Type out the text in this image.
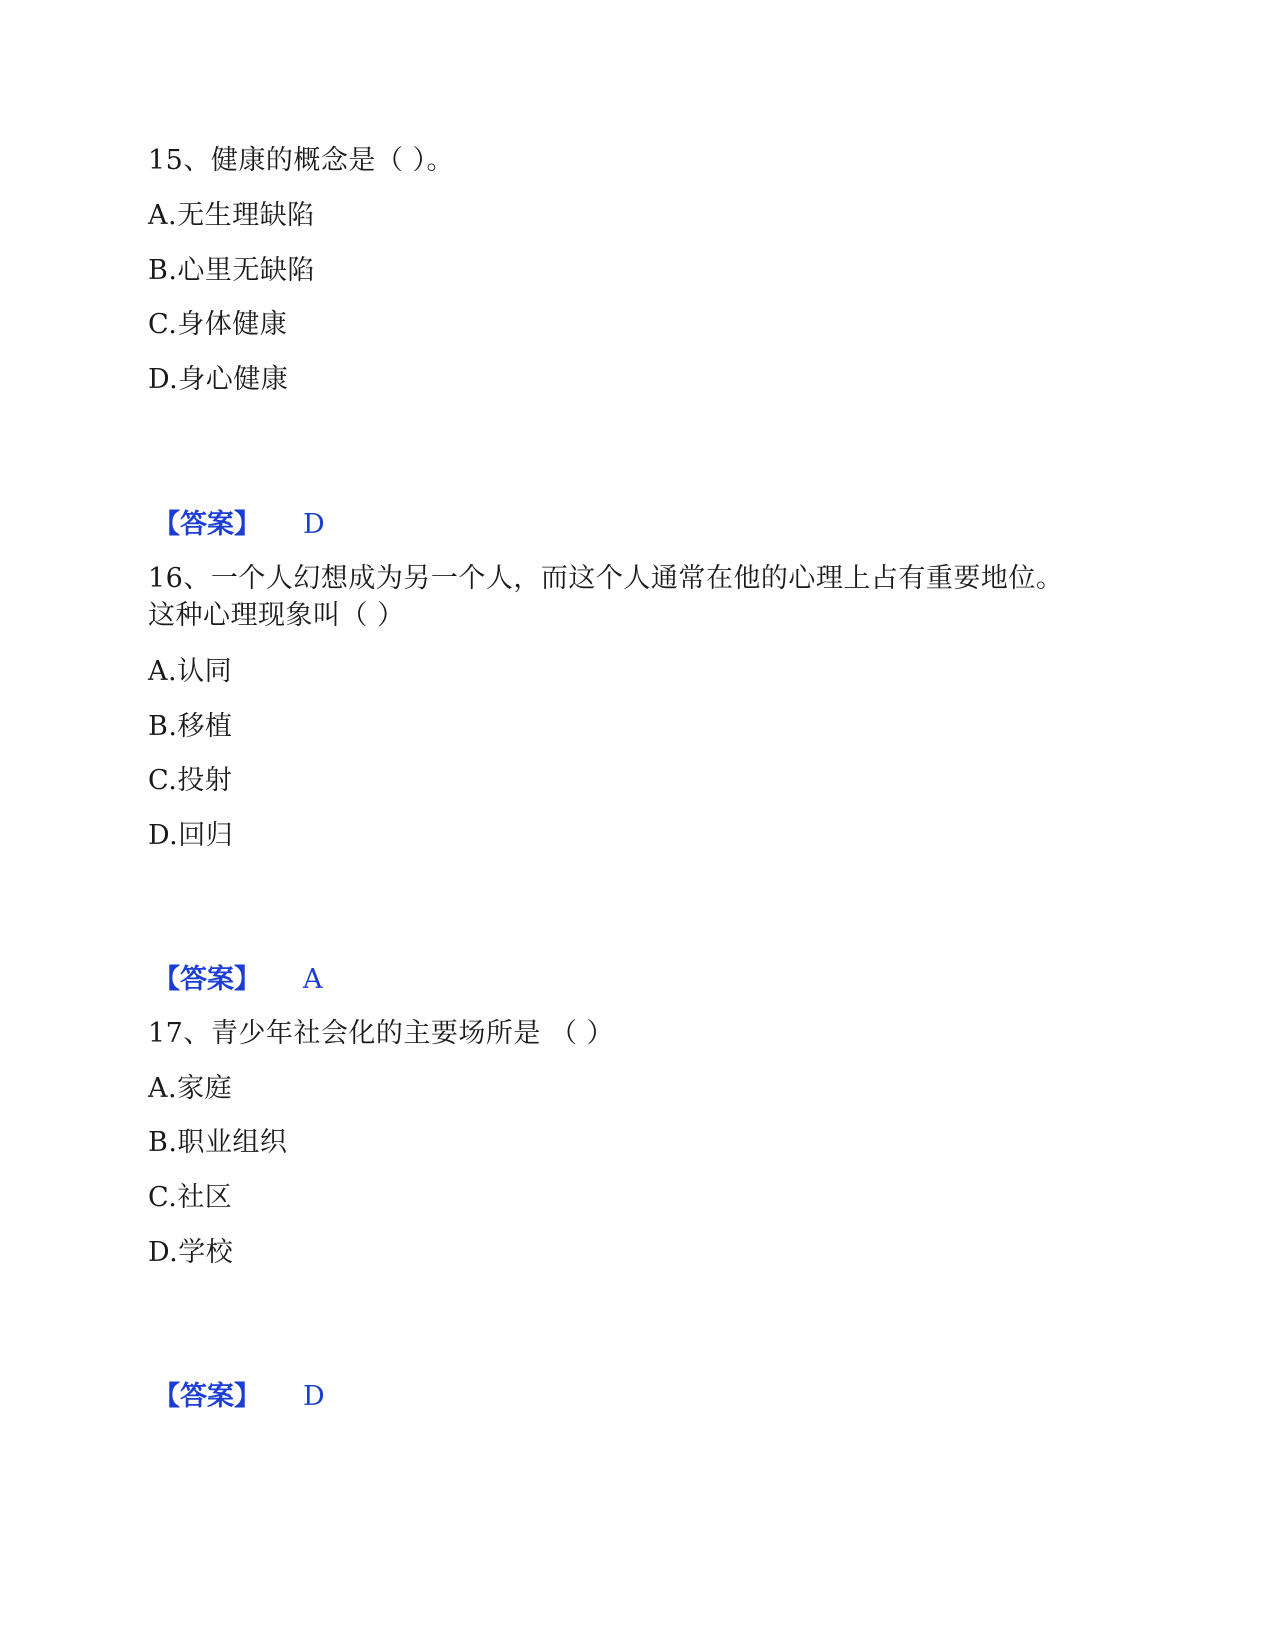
15、健康的概念是（ ）。
A.无生理缺陷
B.心里无缺陷
C.身体健康
D.身心健康
【答案】 D
16、一个人幻想成为另一个人，而这个人通常在他的心理上占有重要地位。
这种心理现象叫（ ）
A.认同
B.移植
C.投射
D.回归
【答案】 A
17、青少年社会化的主要场所是 （ ）
A.家庭
B.职业组织
C.社区
D.学校
【答案】 D
